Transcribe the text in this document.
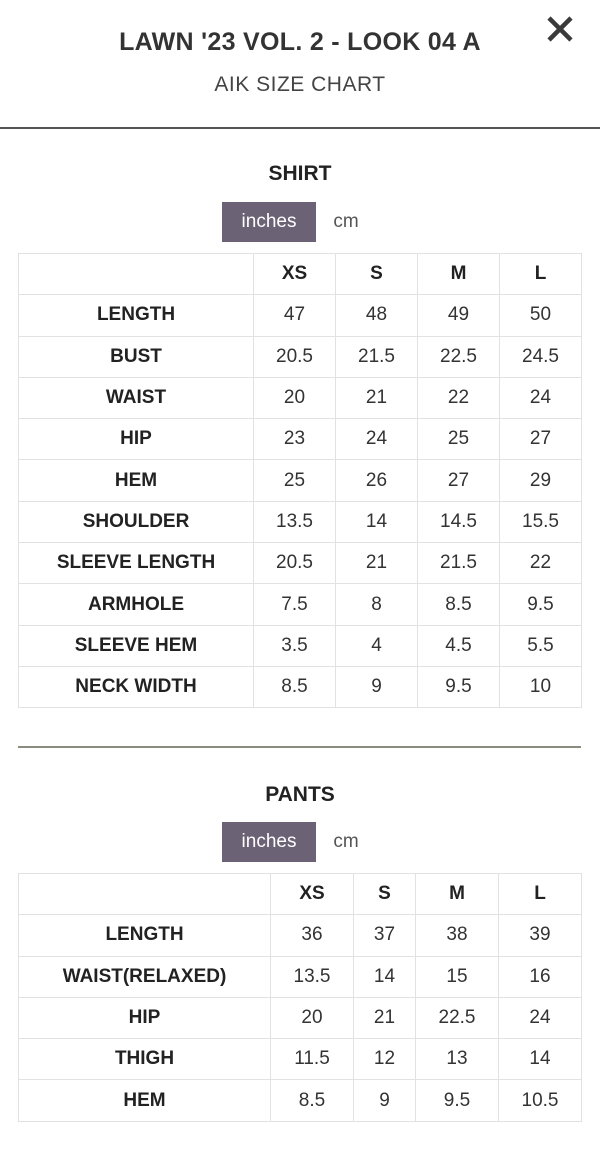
LAWN '23 VOL. 2 - LOOK 04 A
AIK SIZE CHART
SHIRT
inches	cm
	XS	S	M	L
LENGTH	47	48	49	50
BUST	20.5	21.5	22.5	24.5
WAIST	20	21	22	24
HIP	23	24	25	27
HEM	25	26	27	29
SHOULDER	13.5	14	14.5	15.5
SLEEVE LENGTH	20.5	21	21.5	22
ARMHOLE	7.5	8	8.5	9.5
SLEEVE HEM	3.5	4	4.5	5.5
NECK WIDTH	8.5	9	9.5	10
PANTS
inches	cm
	XS	S	M	L
LENGTH	36	37	38	39
WAIST(RELAXED)	13.5	14	15	16
HIP	20	21	22.5	24
THIGH	11.5	12	13	14
HEM	8.5	9	9.5	10.5
